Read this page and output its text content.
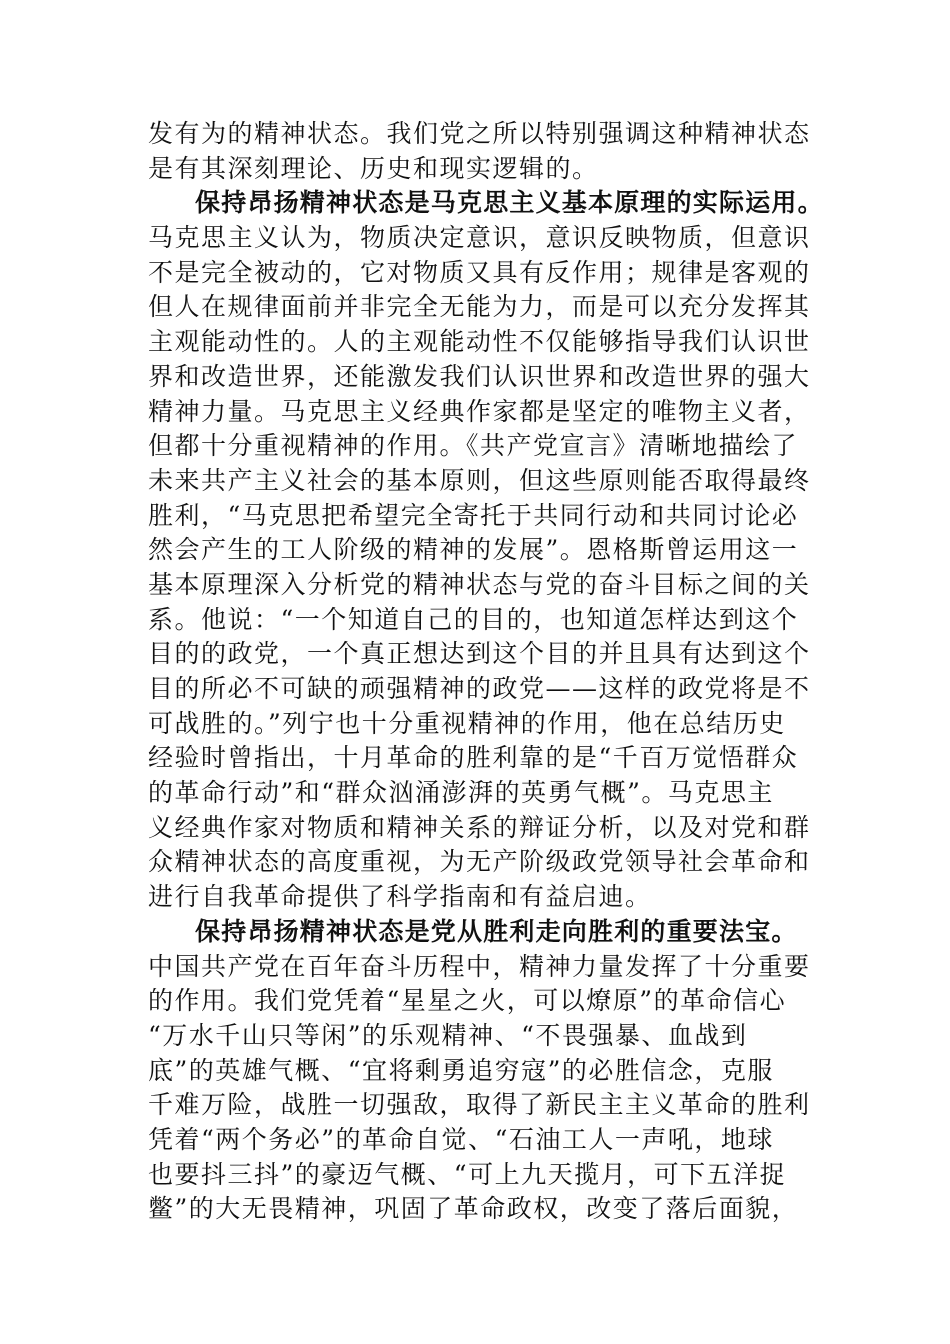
发有为的精神状态。我们党之所以特别强调这种精神状态
是有其深刻理论、历史和现实逻辑的。
保持昂扬精神状态是马克思主义基本原理的实际运用。
马克思主义认为，物质决定意识，意识反映物质，但意识
不是完全被动的，它对物质又具有反作用；规律是客观的
但人在规律面前并非完全无能为力，而是可以充分发挥其
主观能动性的。人的主观能动性不仅能够指导我们认识世
界和改造世界，还能激发我们认识世界和改造世界的强大
精神力量。马克思主义经典作家都是坚定的唯物主义者，
但都十分重视精神的作用。《共产党宣言》清晰地描绘了
未来共产主义社会的基本原则，但这些原则能否取得最终
胜利，“马克思把希望完全寄托于共同行动和共同讨论必
然会产生的工人阶级的精神的发展”。恩格斯曾运用这一
基本原理深入分析党的精神状态与党的奋斗目标之间的关
系。他说：“一个知道自己的目的，也知道怎样达到这个
目的的政党，一个真正想达到这个目的并且具有达到这个
目的所必不可缺的顽强精神的政党——这样的政党将是不
可战胜的。”列宁也十分重视精神的作用，他在总结历史
经验时曾指出，十月革命的胜利靠的是“千百万觉悟群众
的革命行动”和“群众汹涌澎湃的英勇气概”。马克思主
义经典作家对物质和精神关系的辩证分析，以及对党和群
众精神状态的高度重视，为无产阶级政党领导社会革命和
进行自我革命提供了科学指南和有益启迪。
保持昂扬精神状态是党从胜利走向胜利的重要法宝。
中国共产党在百年奋斗历程中，精神力量发挥了十分重要
的作用。我们党凭着“星星之火，可以燎原”的革命信心
“万水千山只等闲”的乐观精神、“不畏强暴、血战到
底”的英雄气概、“宜将剩勇追穷寇”的必胜信念，克服
千难万险，战胜一切强敌，取得了新民主主义革命的胜利
凭着“两个务必”的革命自觉、“石油工人一声吼，地球
也要抖三抖”的豪迈气概、“可上九天揽月，可下五洋捉
鳖”的大无畏精神，巩固了革命政权，改变了落后面貌，
